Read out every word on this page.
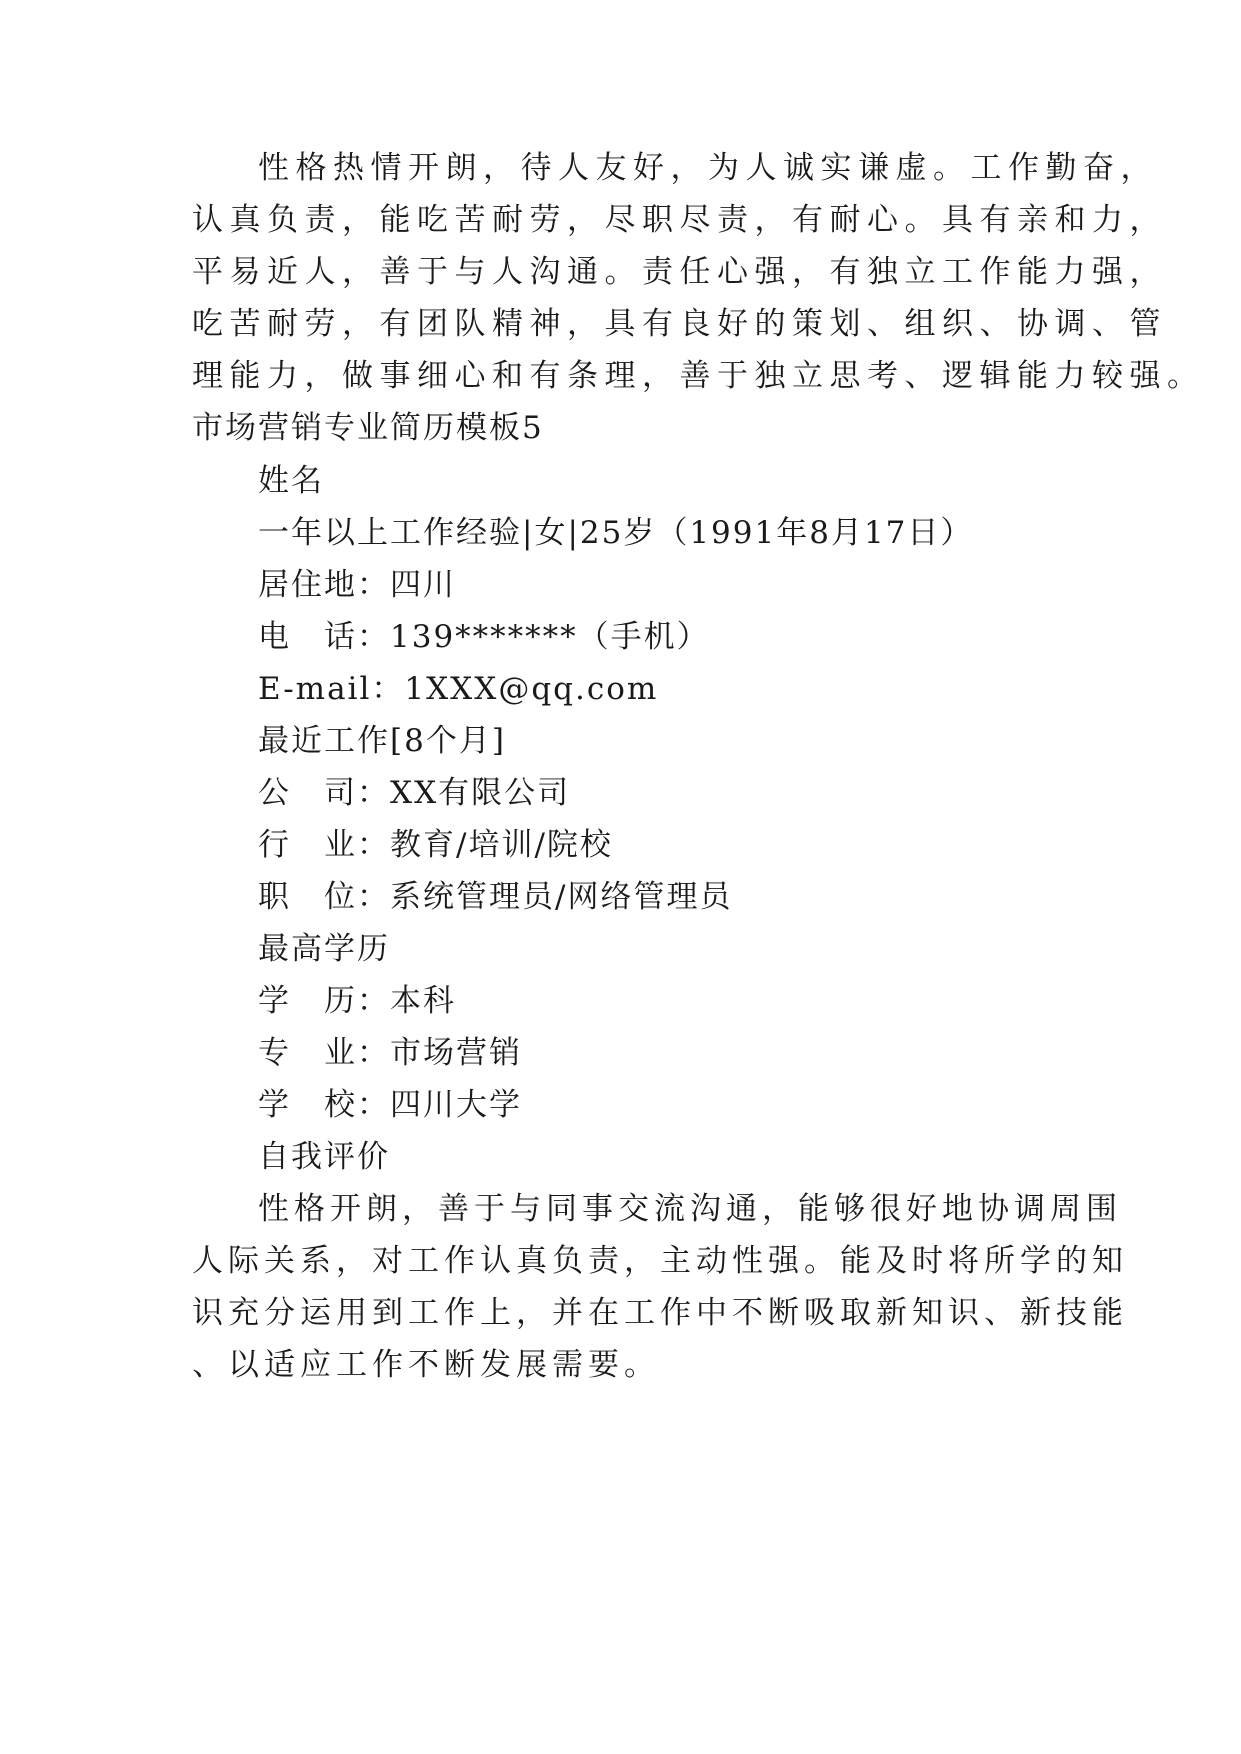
性格热情开朗，待人友好，为人诚实谦虚。工作勤奋，
认真负责，能吃苦耐劳，尽职尽责，有耐心。具有亲和力，
平易近人，善于与人沟通。责任心强，有独立工作能力强，
吃苦耐劳，有团队精神，具有良好的策划、组织、协调、管
理能力，做事细心和有条理，善于独立思考、逻辑能力较强。
市场营销专业简历模板5
姓名
一年以上工作经验|女|25岁（1991年8月17日）
居住地：四川
电　话：139*******（手机）
E-mail：1XXX@qq.com
最近工作[8个月]
公　司：XX有限公司
行　业：教育/培训/院校
职　位：系统管理员/网络管理员
最高学历
学　历：本科
专　业：市场营销
学　校：四川大学
自我评价
性格开朗，善于与同事交流沟通，能够很好地协调周围
人际关系，对工作认真负责，主动性强。能及时将所学的知
识充分运用到工作上，并在工作中不断吸取新知识、新技能
、以适应工作不断发展需要。
